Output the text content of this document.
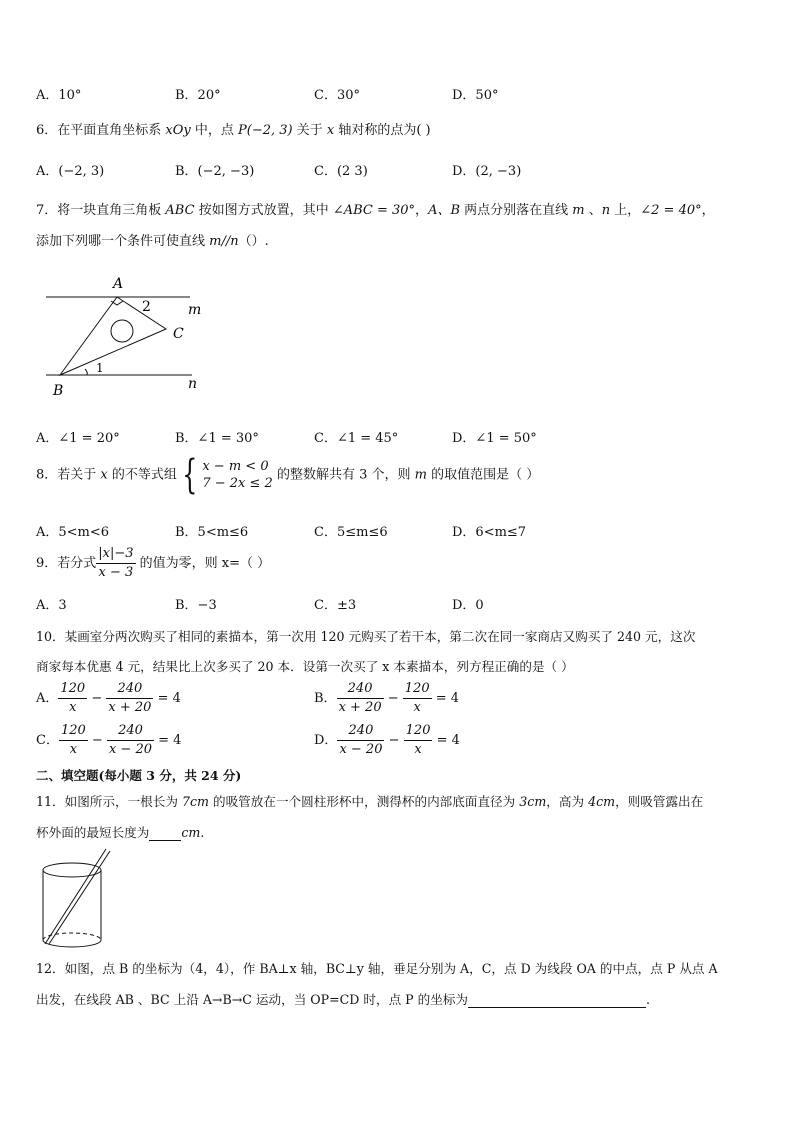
A．10°	B．20°	C．30°	D．50°
6．在平面直角坐标系 xOy 中，点 P(−2, 3) 关于 x 轴对称的点为( )
A．(−2, 3)	B．(−2, −3)	C．(2 3)	D．(2, −3)
7．将一块直角三角板 ABC 按如图方式放置，其中 ∠ABC = 30°，A、B 两点分别落在直线 m 、n 上，∠2 = 40°，
添加下列哪一个条件可使直线 m//n（）.
A
B
C
2
1
m
n
A．∠1 = 20°	B．∠1 = 30°	C．∠1 = 45°	D．∠1 = 50°
8．若关于 x 的不等式组 { x − m < 0
7 − 2x ≤ 2
的整数解共有 3 个，则 m 的取值范围是（ ）
A．5<m<6	B．5<m≤6	C．5≤m≤6	D．6<m≤7
9．若分式 $\frac{|x|-3}{x - 3}$ 的值为零，则 x=（ ）
A．3	B．−3	C．±3	D．0
10．某画室分两次购买了相同的素描本，第一次用 120 元购买了若干本，第二次在同一家商店又购买了 240 元，这次
商家每本优惠 4 元，结果比上次多买了 20 本．设第一次买了 x 本素描本，列方程正确的是（ ）
A． $\frac{120}{x} - \frac{240}{x + 20} = 4$	B． $\frac{240}{x + 20} - \frac{120}{x} = 4$
C． $\frac{120}{x} - \frac{240}{x - 20} = 4$	D． $\frac{240}{x - 20} - \frac{120}{x} = 4$
二、填空题(每小题 3 分，共 24 分)
11．如图所示，一根长为 7cm 的吸管放在一个圆柱形杯中，测得杯的内部底面直径为 3cm，高为 4cm，则吸管露出在
杯外面的最短长度为	cm.
12．如图，点 B 的坐标为（4，4），作 BA⊥x 轴，BC⊥y 轴，垂足分别为 A，C，点 D 为线段 OA 的中点，点 P 从点 A
出发，在线段 AB 、BC 上沿 A→B→C 运动，当 OP=CD 时，点 P 的坐标为	.
